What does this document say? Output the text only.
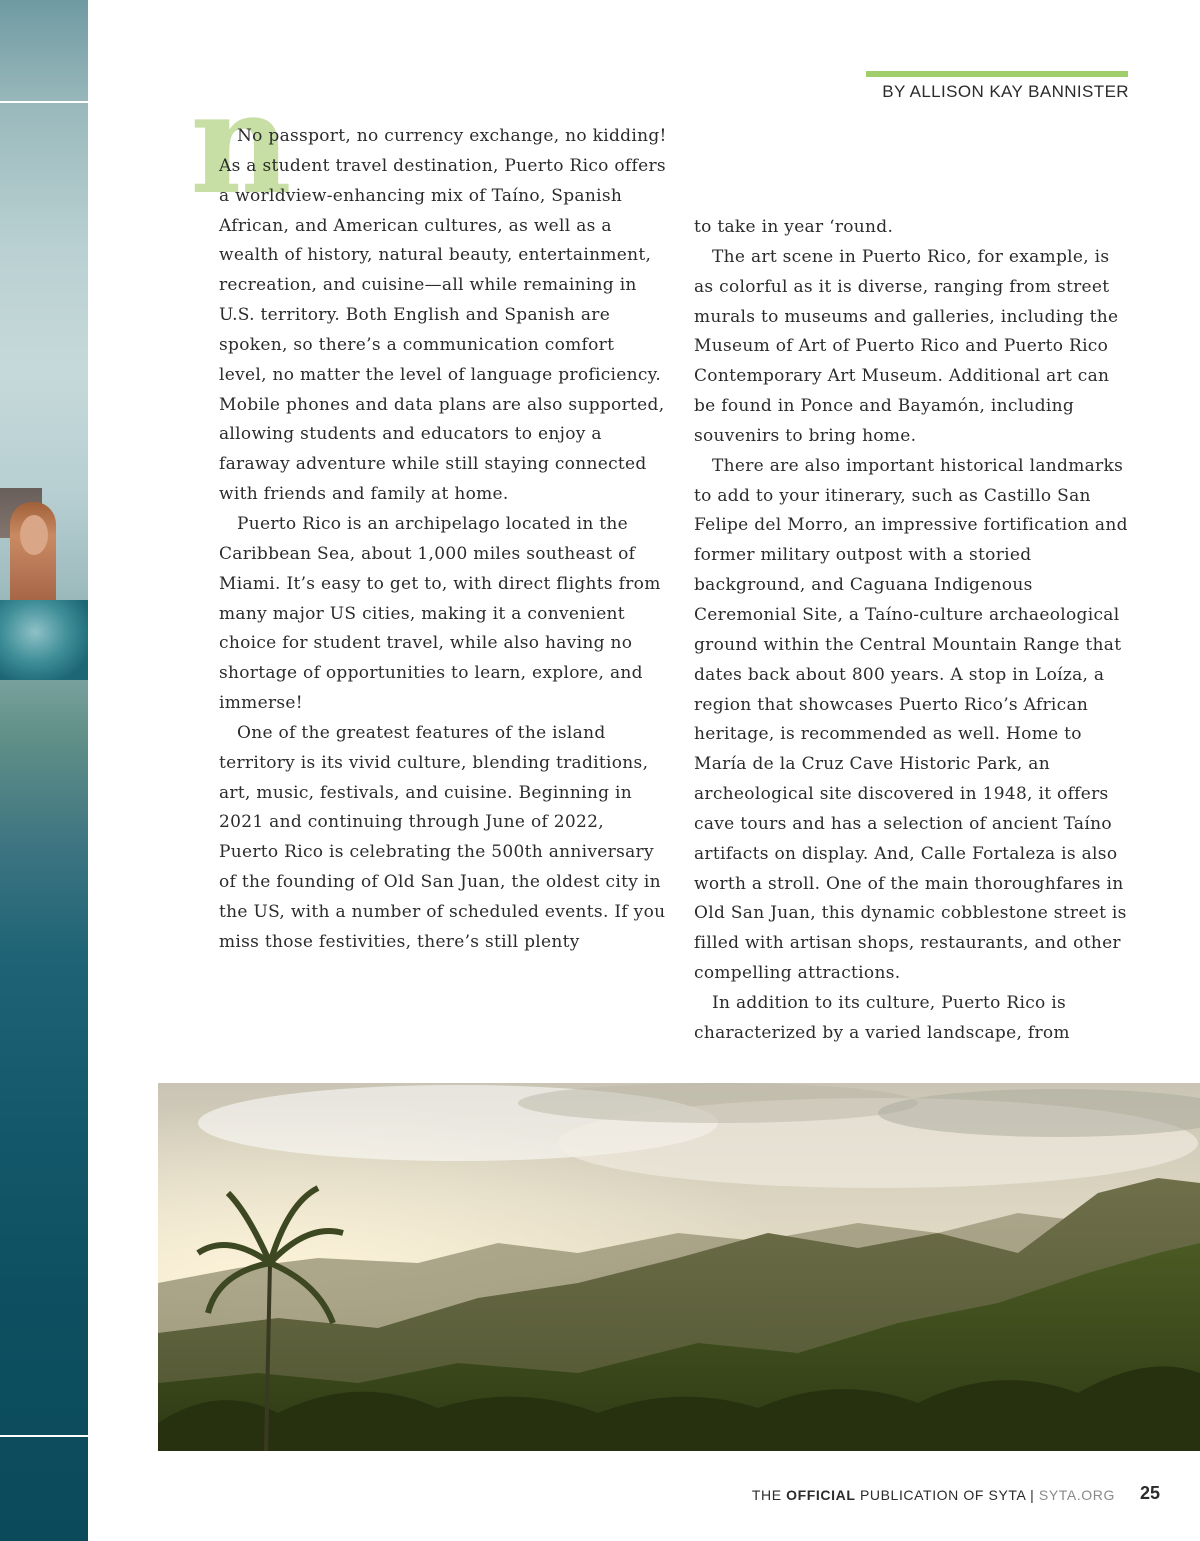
BY ALLISON KAY BANNISTER
n

No passport, no currency exchange, no kidding! As a student travel destination, Puerto Rico offers a worldview-enhancing mix of Taíno, Spanish African, and American cultures, as well as a wealth of history, natural beauty, entertainment, recreation, and cuisine—all while remaining in U.S. territory. Both English and Spanish are spoken, so there’s a communication comfort level, no matter the level of language proficiency. Mobile phones and data plans are also supported, allowing students and educators to enjoy a faraway adventure while still staying connected with friends and family at home.

Puerto Rico is an archipelago located in the Caribbean Sea, about 1,000 miles southeast of Miami. It’s easy to get to, with direct flights from many major US cities, making it a convenient choice for student travel, while also having no shortage of opportunities to learn, explore, and immerse!

One of the greatest features of the island territory is its vivid culture, blending traditions, art, music, festivals, and cuisine. Beginning in 2021 and continuing through June of 2022, Puerto Rico is celebrating the 500th anniversary of the founding of Old San Juan, the oldest city in the US, with a number of scheduled events. If you miss those festivities, there’s still plenty

to take in year ‘round.

The art scene in Puerto Rico, for example, is as colorful as it is diverse, ranging from street murals to museums and galleries, including the Museum of Art of Puerto Rico and Puerto Rico Contemporary Art Museum. Additional art can be found in Ponce and Bayamón, including souvenirs to bring home.

There are also important historical landmarks to add to your itinerary, such as Castillo San Felipe del Morro, an impressive fortification and former military outpost with a storied background, and Caguana Indigenous Ceremonial Site, a Taíno-culture archaeological ground within the Central Mountain Range that dates back about 800 years. A stop in Loíza, a region that showcases Puerto Rico’s African heritage, is recommended as well. Home to María de la Cruz Cave Historic Park, an archeological site discovered in 1948, it offers cave tours and has a selection of ancient Taíno artifacts on display. And, Calle Fortaleza is also worth a stroll. One of the main thoroughfares in Old San Juan, this dynamic cobblestone street is filled with artisan shops, restaurants, and other compelling attractions.

In addition to its culture, Puerto Rico is characterized by a varied landscape, from

THE OFFICIAL PUBLICATION OF SYTA | SYTA.ORG 25
